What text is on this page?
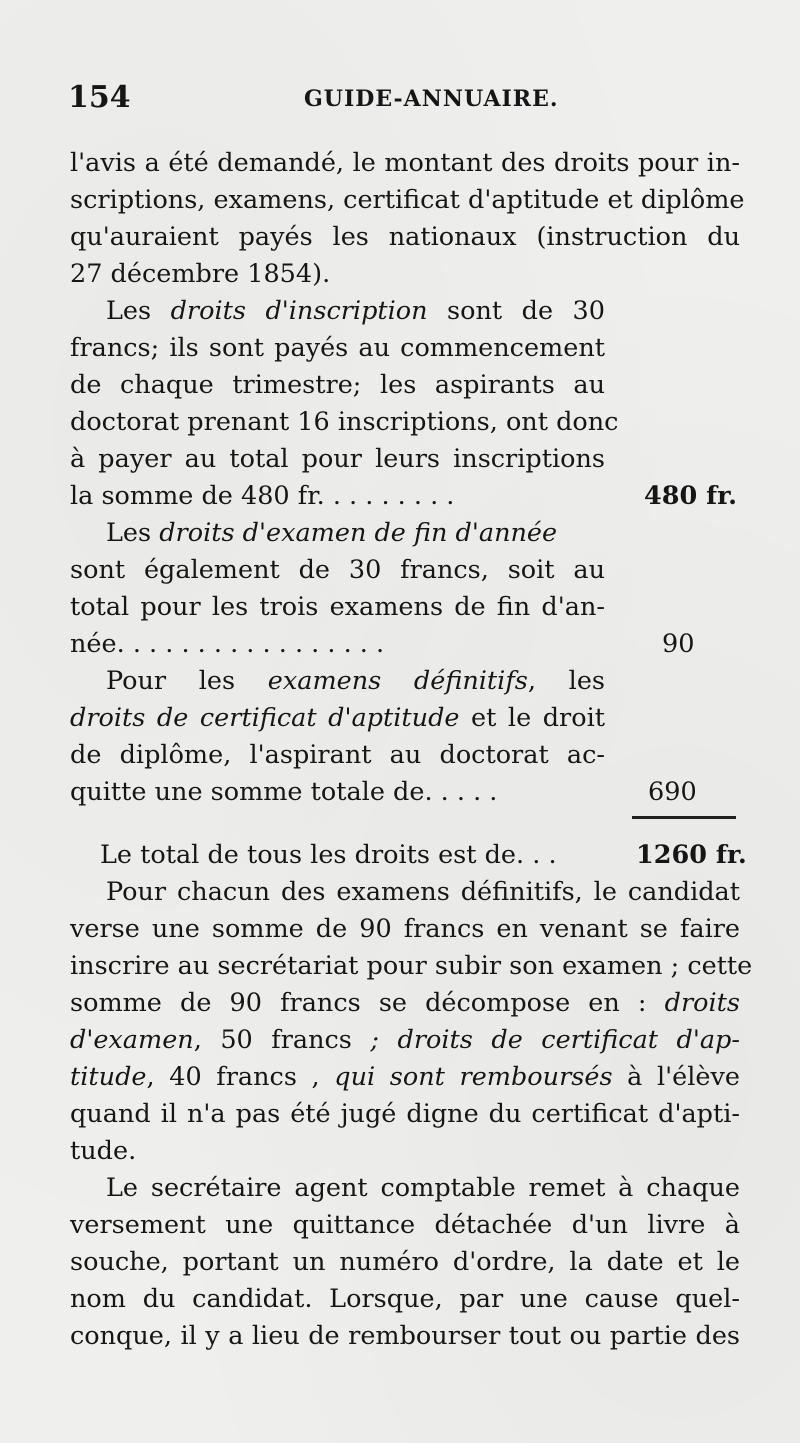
154	GUIDE-ANNUAIRE.
l'avis a été demandé, le montant des droits pour in-
scriptions, examens, certificat d'aptitude et diplôme
qu'auraient payés les nationaux (instruction du
27 décembre 1854).
Les droits d'inscription sont de 30
francs; ils sont payés au commencement
de chaque trimestre; les aspirants au
doctorat prenant 16 inscriptions, ont donc
à payer au total pour leurs inscriptions
la somme de 480 fr. . . . . . . . .	480 fr.
Les droits d'examen de fin d'année
sont également de 30 francs, soit au
total pour les trois examens de fin d'an-
née. . . . . . . . . . . . . . . . .	90
Pour les examens définitifs, les
droits de certificat d'aptitude et le droit
de diplôme, l'aspirant au doctorat ac-
quitte une somme totale de. . . . .	690
Le total de tous les droits est de. . .	1260 fr.
Pour chacun des examens définitifs, le candidat
verse une somme de 90 francs en venant se faire
inscrire au secrétariat pour subir son examen ; cette
somme de 90 francs se décompose en : droits
d'examen, 50 francs ; droits de certificat d'ap-
titude, 40 francs , qui sont remboursés à l'élève
quand il n'a pas été jugé digne du certificat d'apti-
tude.
Le secrétaire agent comptable remet à chaque
versement une quittance détachée d'un livre à
souche, portant un numéro d'ordre, la date et le
nom du candidat. Lorsque, par une cause quel-
conque, il y a lieu de rembourser tout ou partie des
